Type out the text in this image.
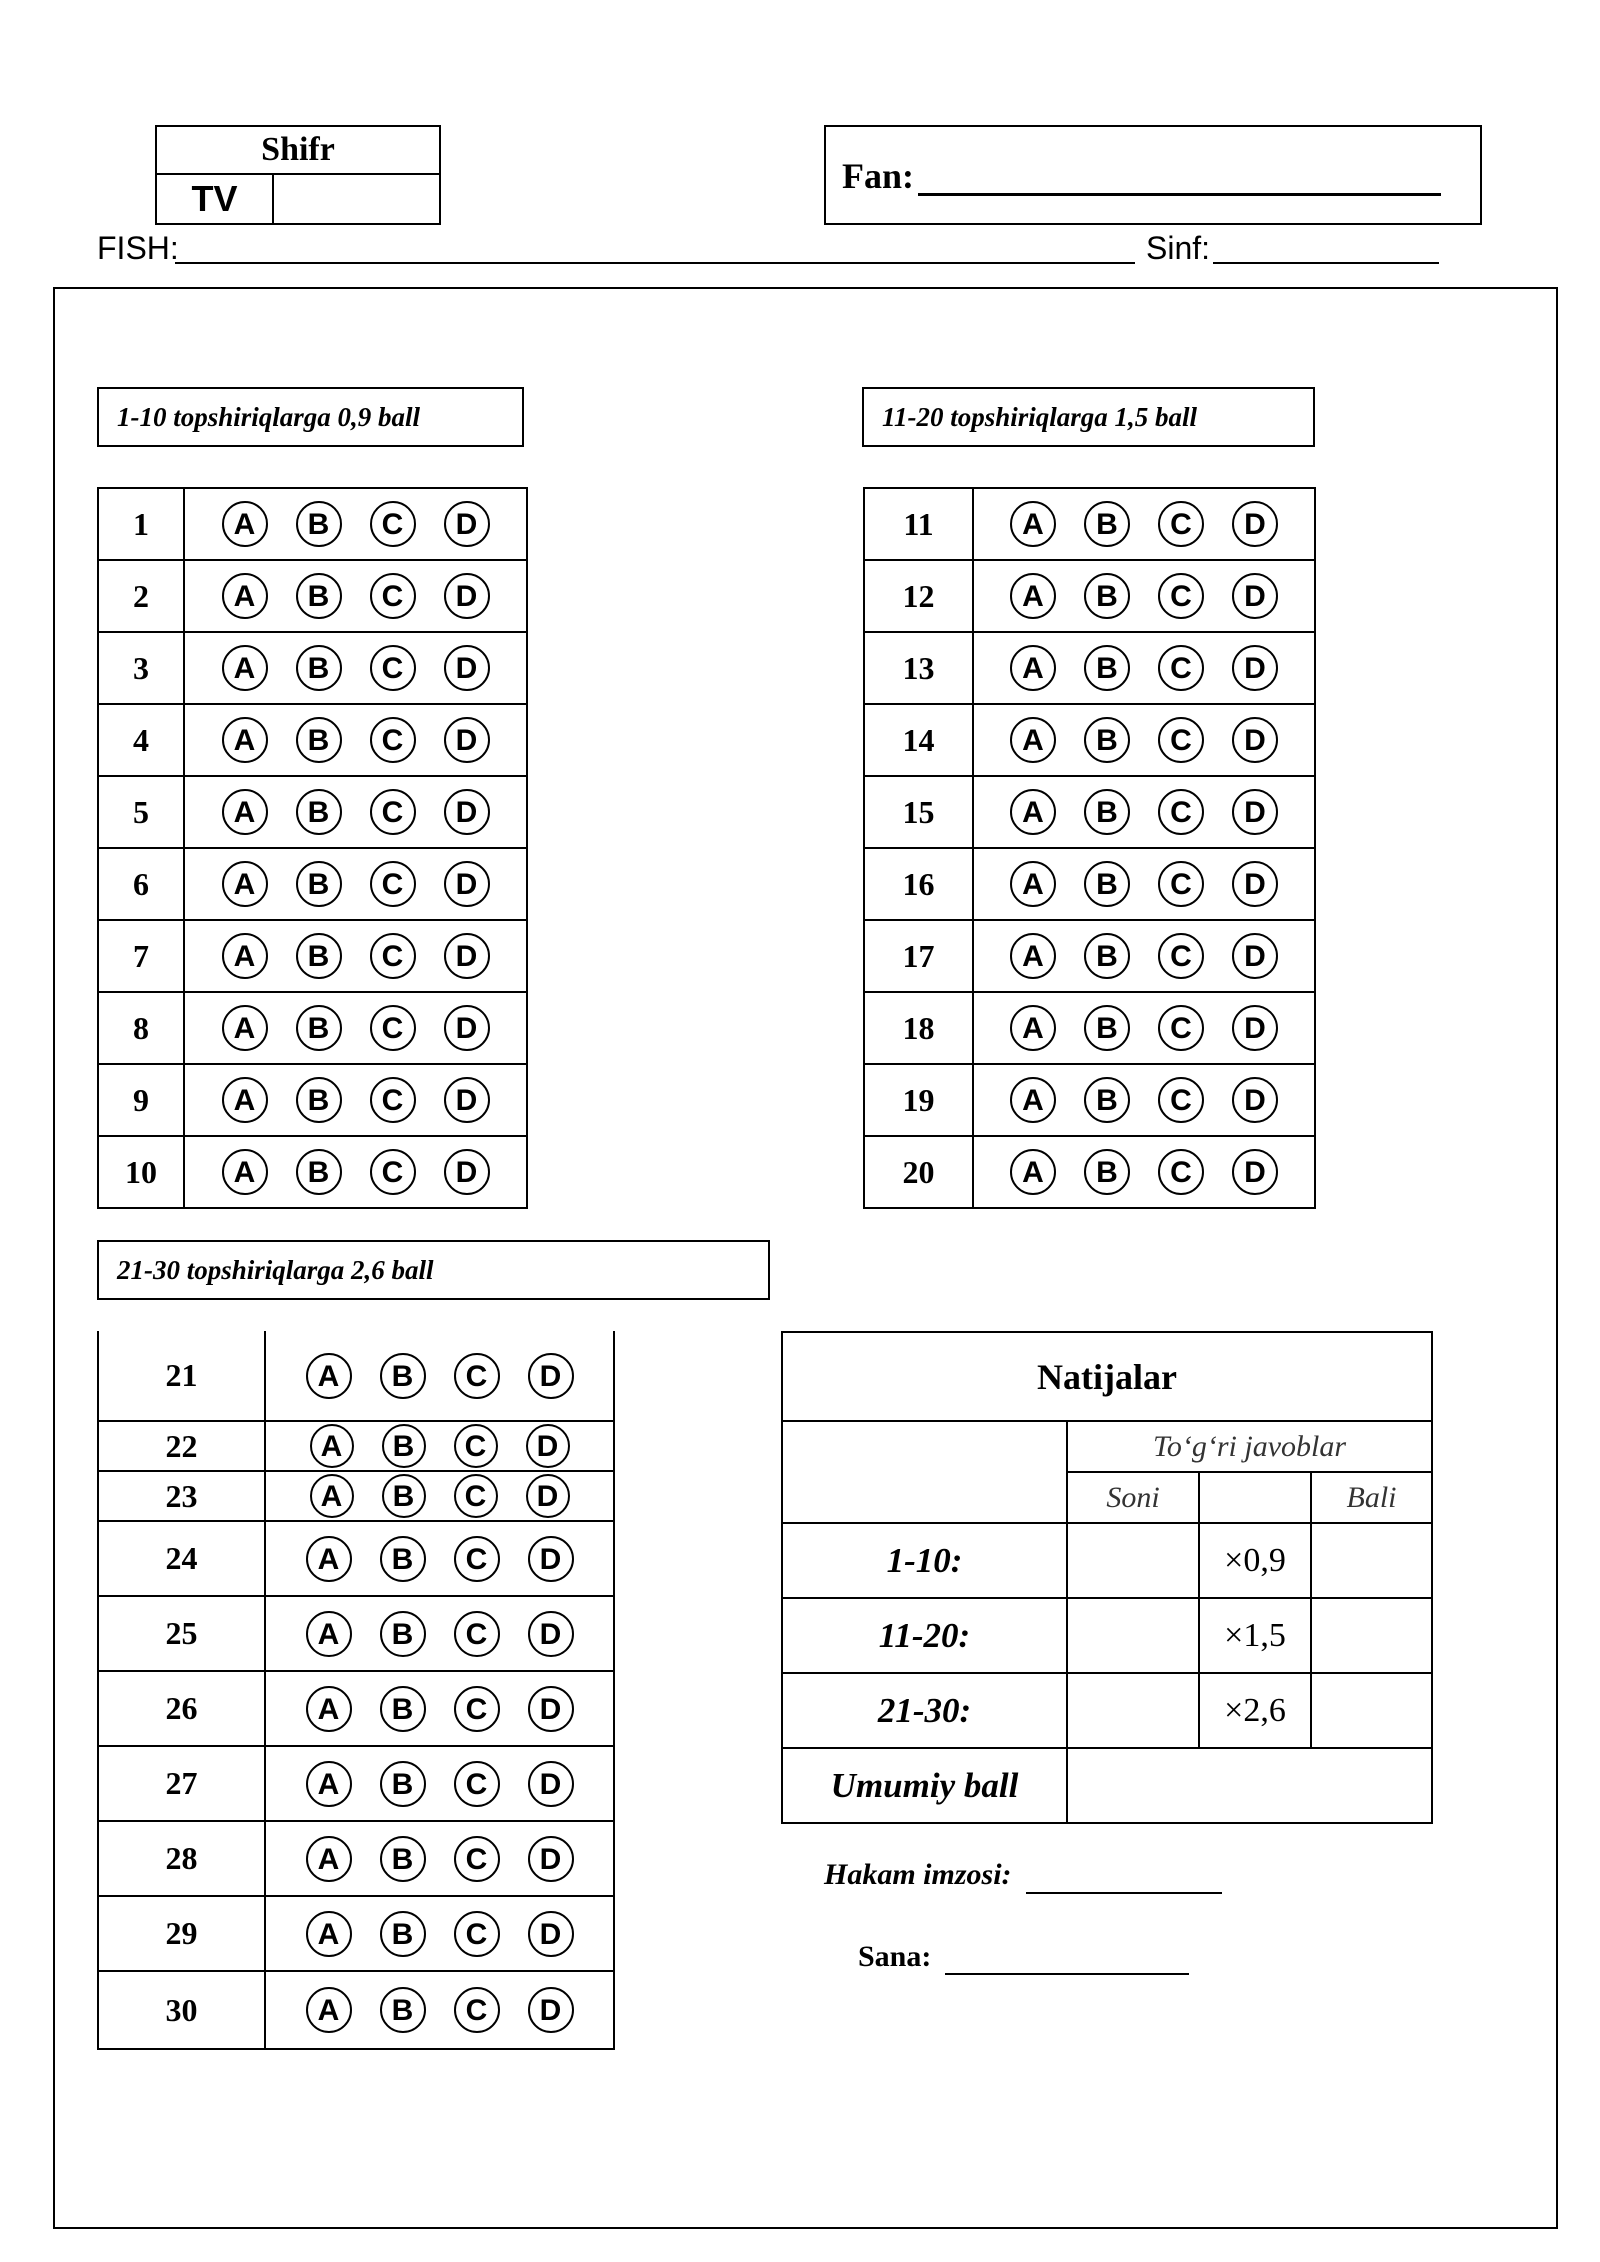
Shifr
TV
Fan:
FISH:	Sinf:
1-10 topshiriqlarga 0,9 ball	11-20 topshiriqlarga 1,5 ball
21-30 topshiriqlarga 2,6 ball
1	A B C D
2	A B C D
3	A B C D
4	A B C D
5	A B C D
6	A B C D
7	A B C D
8	A B C D
9	A B C D
10	A B C D
11	A B C D
12	A B C D
13	A B C D
14	A B C D
15	A B C D
16	A B C D
17	A B C D
18	A B C D
19	A B C D
20	A B C D
21	A B C D
22	A B C D
23	A B C D
24	A B C D
25	A B C D
26	A B C D
27	A B C D
28	A B C D
29	A B C D
30	A B C D
Natijalar			
	To‘g‘ri javoblar		
	Soni		Bali
1-10:		×0,9	
11-20:		×1,5	
21-30:		×2,6	
Umumiy ball			
Hakam imzosi:
Sana:
